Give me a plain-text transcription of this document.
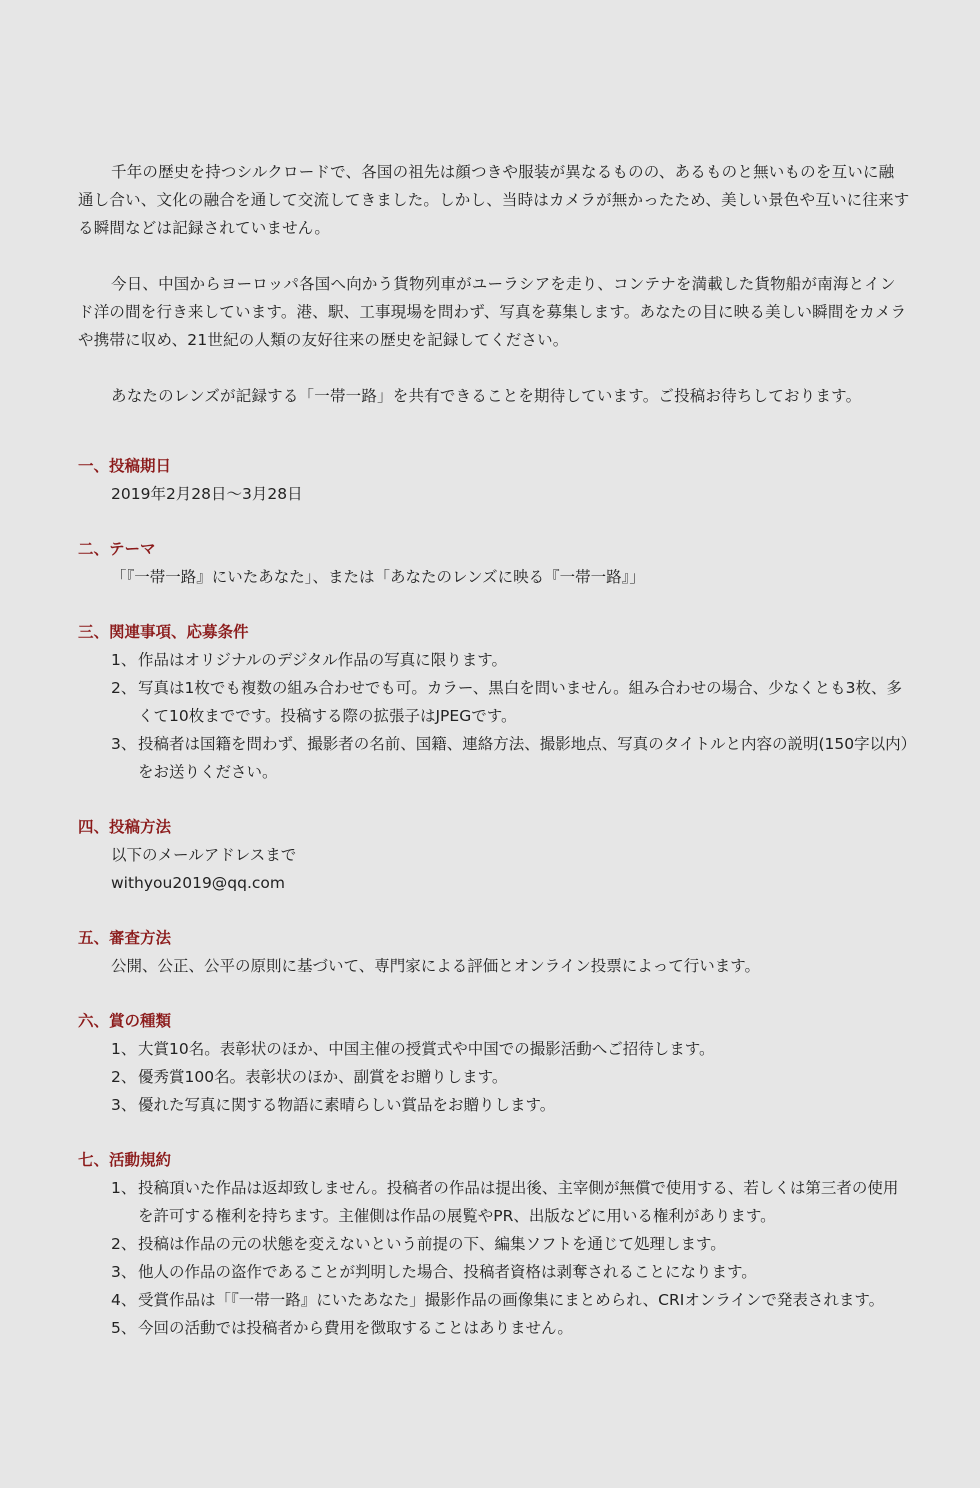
千年の歴史を持つシルクロードで、各国の祖先は顔つきや服装が異なるものの、あるものと無いものを互いに融通し合い、文化の融合を通して交流してきました。しかし、当時はカメラが無かったため、美しい景色や互いに往来する瞬間などは記録されていません。

今日、中国からヨーロッパ各国へ向かう貨物列車がユーラシアを走り、コンテナを満載した貨物船が南海とインド洋の間を行き来しています。港、駅、工事現場を問わず、写真を募集します。あなたの目に映る美しい瞬間をカメラや携帯に収め、21世紀の人類の友好往来の歴史を記録してください。

あなたのレンズが記録する「一帯一路」を共有できることを期待しています。ご投稿お待ちしております。

一、投稿期日

2019年2月28日～3月28日

二、テーマ

「『一帯一路』にいたあなた」、または「あなたのレンズに映る『一帯一路』」

三、関連事項、応募条件
1、 作品はオリジナルのデジタル作品の写真に限ります。
2、 写真は1枚でも複数の組み合わせでも可。カラー、黒白を問いません。組み合わせの場合、少なくとも3枚、多くて10枚までです。投稿する際の拡張子はJPEGです。
3、 投稿者は国籍を問わず、撮影者の名前、国籍、連絡方法、撮影地点、写真のタイトルと内容の説明(150字以内）をお送りください。
四、投稿方法

以下のメールアドレスまで
withyou2019@qq.com

五、審査方法

公開、公正、公平の原則に基づいて、専門家による評価とオンライン投票によって行います。

六、賞の種類
1、 大賞10名。表彰状のほか、中国主催の授賞式や中国での撮影活動へご招待します。
2、 優秀賞100名。表彰状のほか、副賞をお贈りします。
3、 優れた写真に関する物語に素晴らしい賞品をお贈りします。
七、活動規約
1、 投稿頂いた作品は返却致しません。投稿者の作品は提出後、主宰側が無償で使用する、若しくは第三者の使用を許可する権利を持ちます。主催側は作品の展覧やPR、出版などに用いる権利があります。
2、 投稿は作品の元の状態を変えないという前提の下、編集ソフトを通じて処理します。
3、 他人の作品の盗作であることが判明した場合、投稿者資格は剥奪されることになります。
4、 受賞作品は「『一帯一路』にいたあなた」撮影作品の画像集にまとめられ、CRIオンラインで発表されます。
5、 今回の活動では投稿者から費用を徴取することはありません。
